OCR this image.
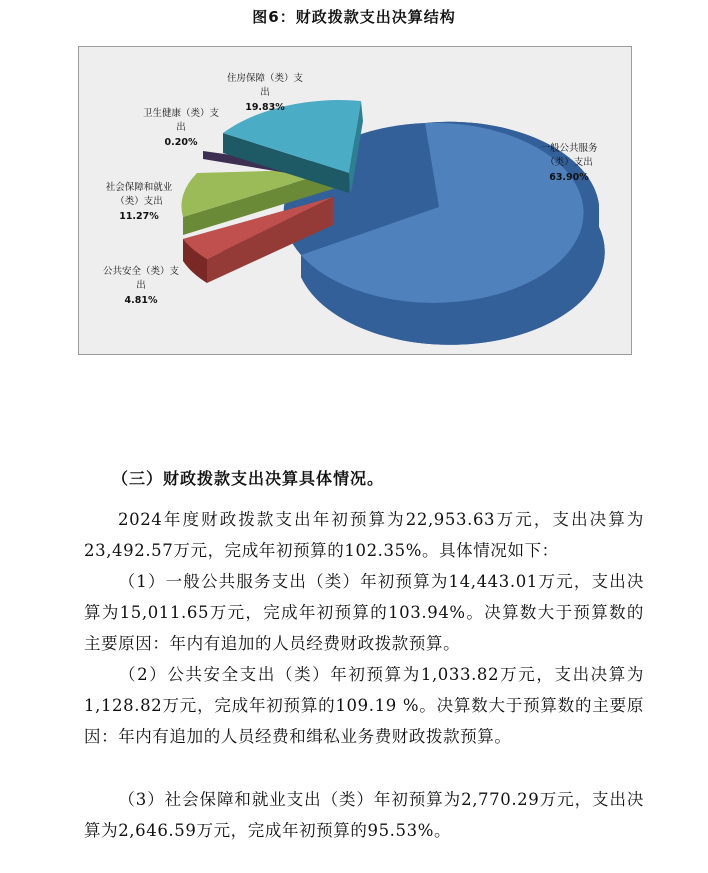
图6：财政拨款支出决算结构
一般公共服务
（类）支出
63.90%
公共安全（类）支
出
4.81%
社会保障和就业
（类）支出
11.27%
卫生健康（类）支
出
0.20%
住房保障（类）支
出
19.83%
（三）财政拨款支出决算具体情况。
2024年度财政拨款支出年初预算为22,953.63万元，支出决算为23,492.57万元，完成年初预算的102.35%。具体情况如下：
（1）一般公共服务支出（类）年初预算为14,443.01万元，支出决算为15,011.65万元，完成年初预算的103.94%。决算数大于预算数的主要原因：年内有追加的人员经费财政拨款预算。
（2）公共安全支出（类）年初预算为1,033.82万元，支出决算为1,128.82万元，完成年初预算的109.19 %。决算数大于预算数的主要原因：年内有追加的人员经费和缉私业务费财政拨款预算。
（3）社会保障和就业支出（类）年初预算为2,770.29万元，支出决算为2,646.59万元，完成年初预算的95.53%。
